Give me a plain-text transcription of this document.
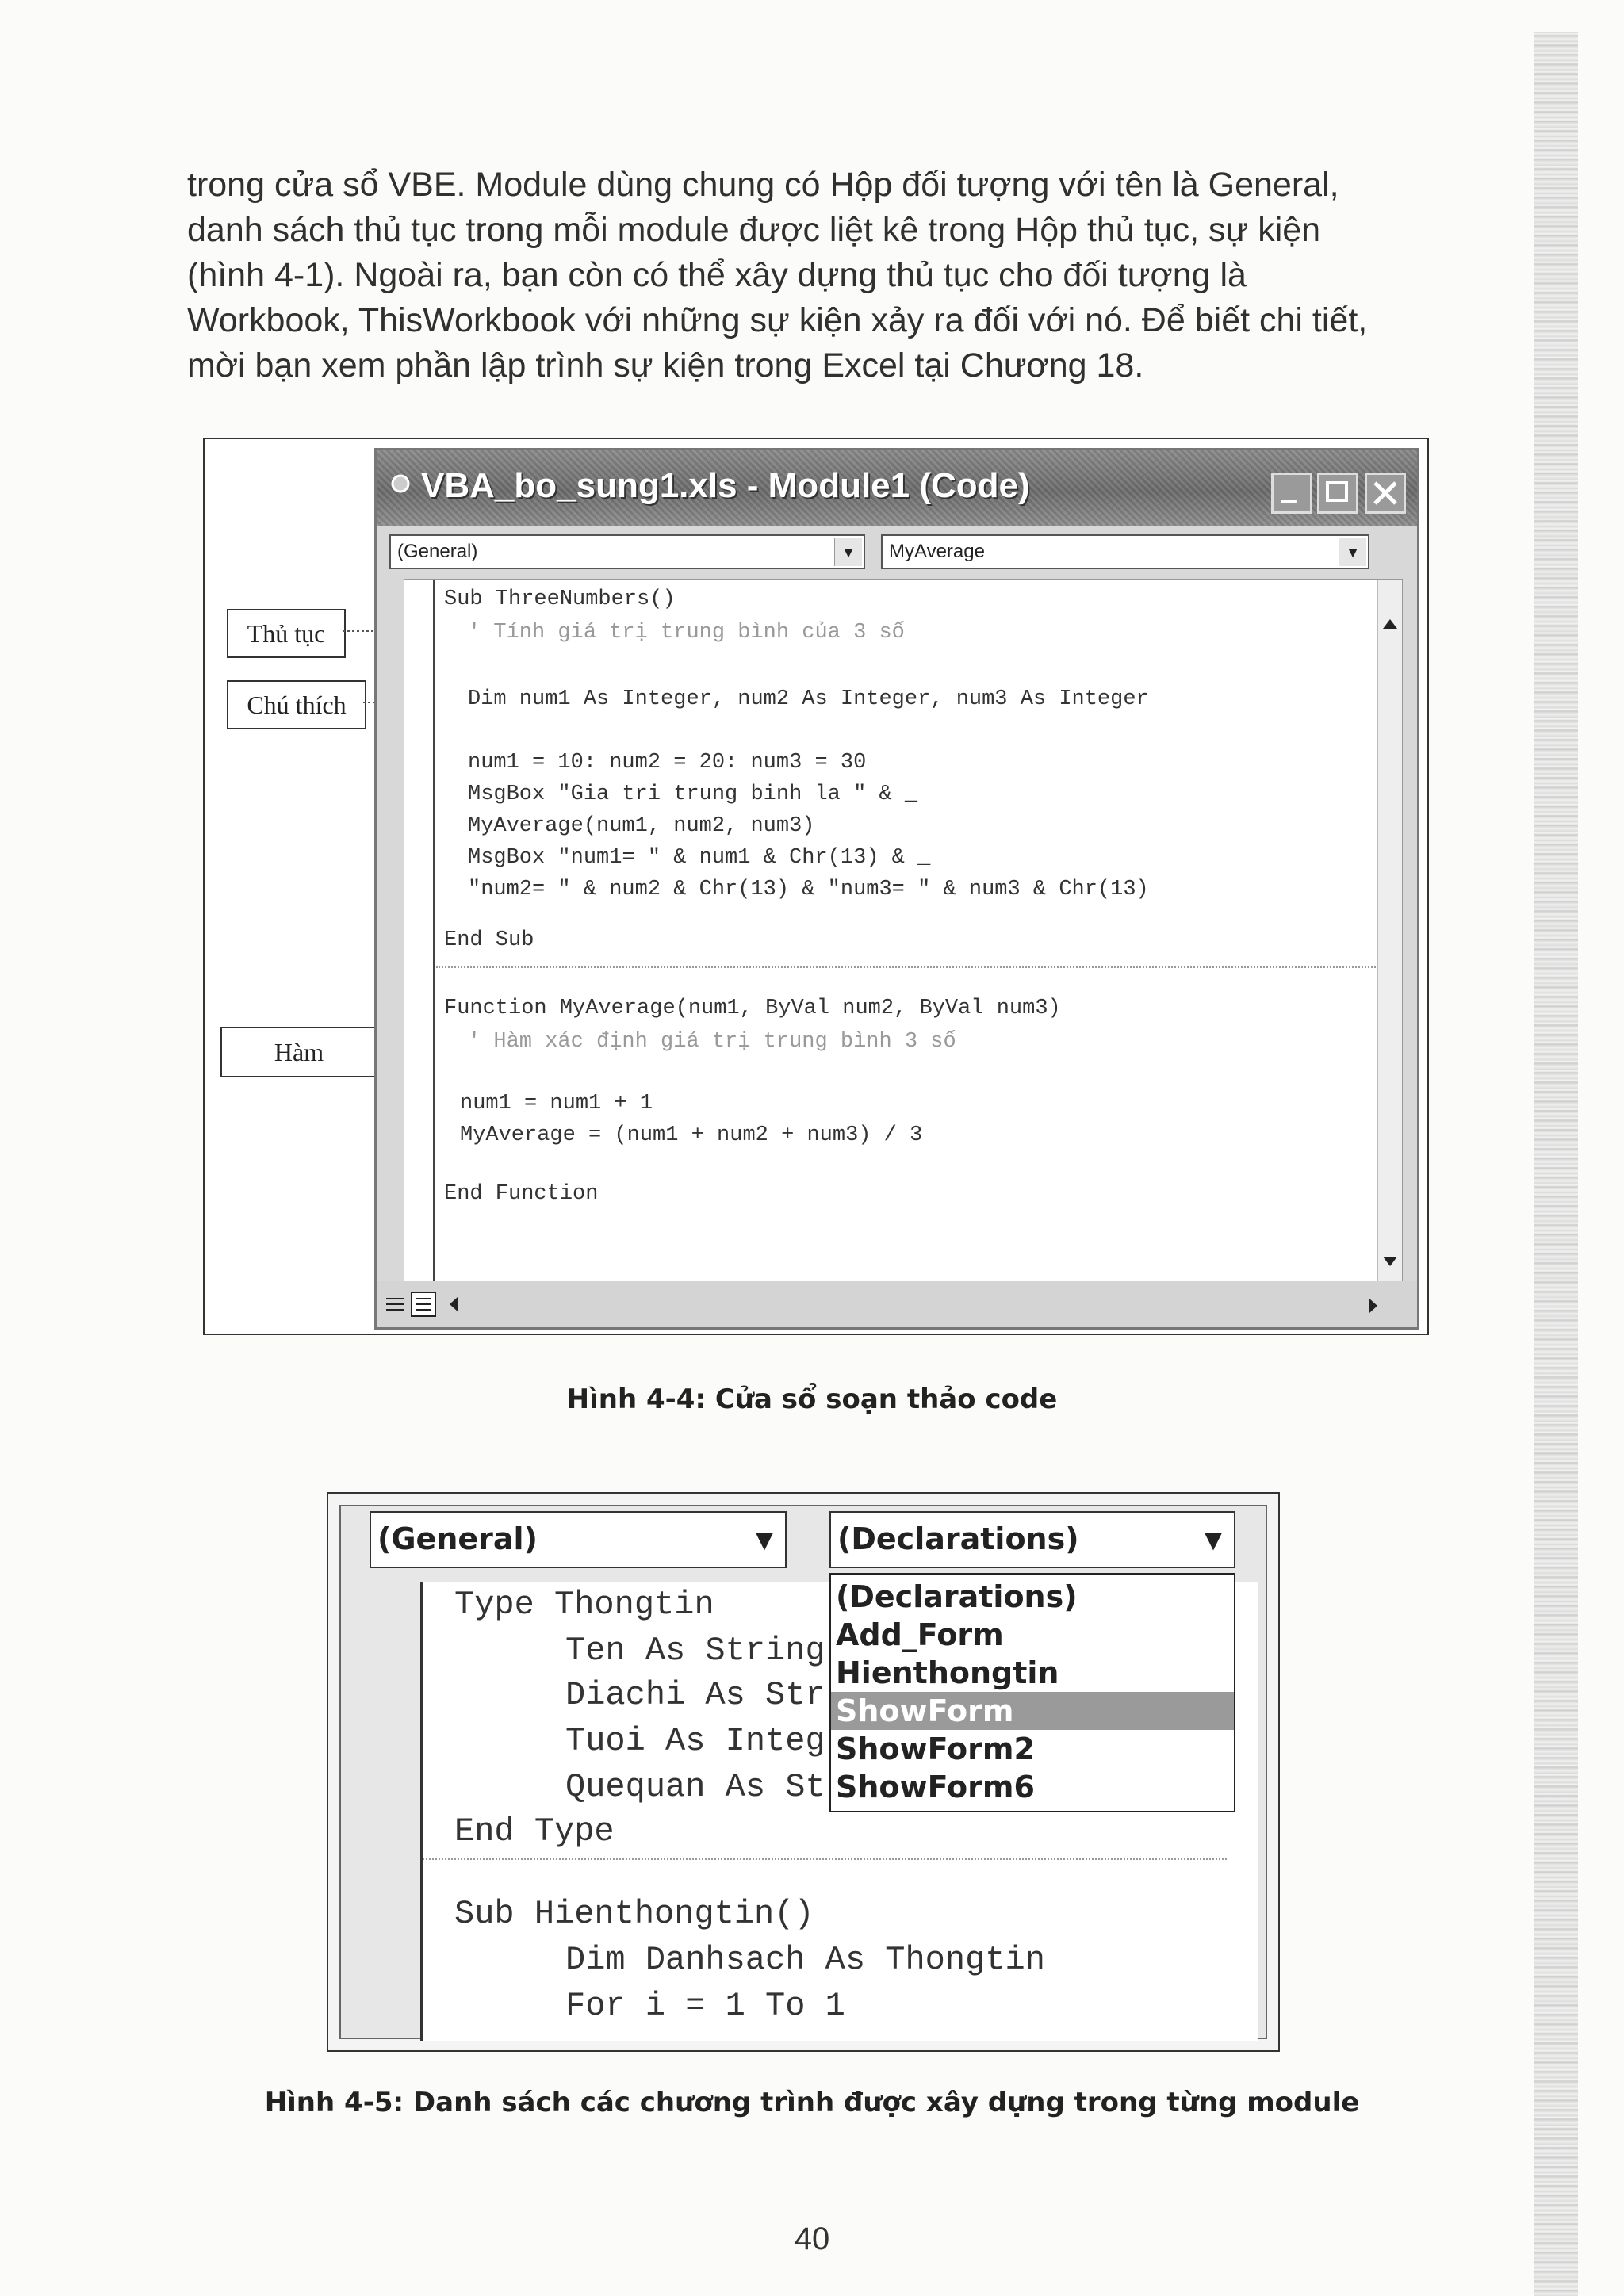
trong cửa sổ VBE. Module dùng chung có Hộp đối tượng với tên là General,
danh sách thủ tục trong mỗi module được liệt kê trong Hộp thủ tục, sự kiện
(hình 4-1). Ngoài ra, bạn còn có thể xây dựng thủ tục cho đối tượng là
Workbook, ThisWorkbook với những sự kiện xảy ra đối với nó. Để biết chi tiết,
mời bạn xem phần lập trình sự kiện trong Excel tại Chương 18.
Thủ tục
Chú thích
Hàm
VBA_bo_sung1.xls - Module1 (Code)
(General)	▼	MyAverage	▼
Sub ThreeNumbers()
' Tính giá trị trung bình của 3 số
Dim num1 As Integer, num2 As Integer, num3 As Integer
num1 = 10: num2 = 20: num3 = 30
MsgBox "Gia tri trung binh la " & _
MyAverage(num1, num2, num3)
MsgBox "num1= " & num1 & Chr(13) & _
"num2= " & num2 & Chr(13) & "num3= " & num3 & Chr(13)
End Sub
Function MyAverage(num1, ByVal num2, ByVal num3)
' Hàm xác định giá trị trung bình 3 số
num1 = num1 + 1
MyAverage = (num1 + num2 + num3) / 3
End Function
Hình 4-4: Cửa sổ soạn thảo code
(General)	▼ (Declarations)	▼
Type Thongtin
Ten As String
Diachi As Str
Tuoi As Integ
Quequan As St
End Type
Sub Hienthongtin()
Dim Danhsach As Thongtin
For i = 1 To 1
(Declarations)
Add_Form
Hienthongtin
ShowForm
ShowForm2
ShowForm6
Hình 4-5: Danh sách các chương trình được xây dựng trong từng module
40
